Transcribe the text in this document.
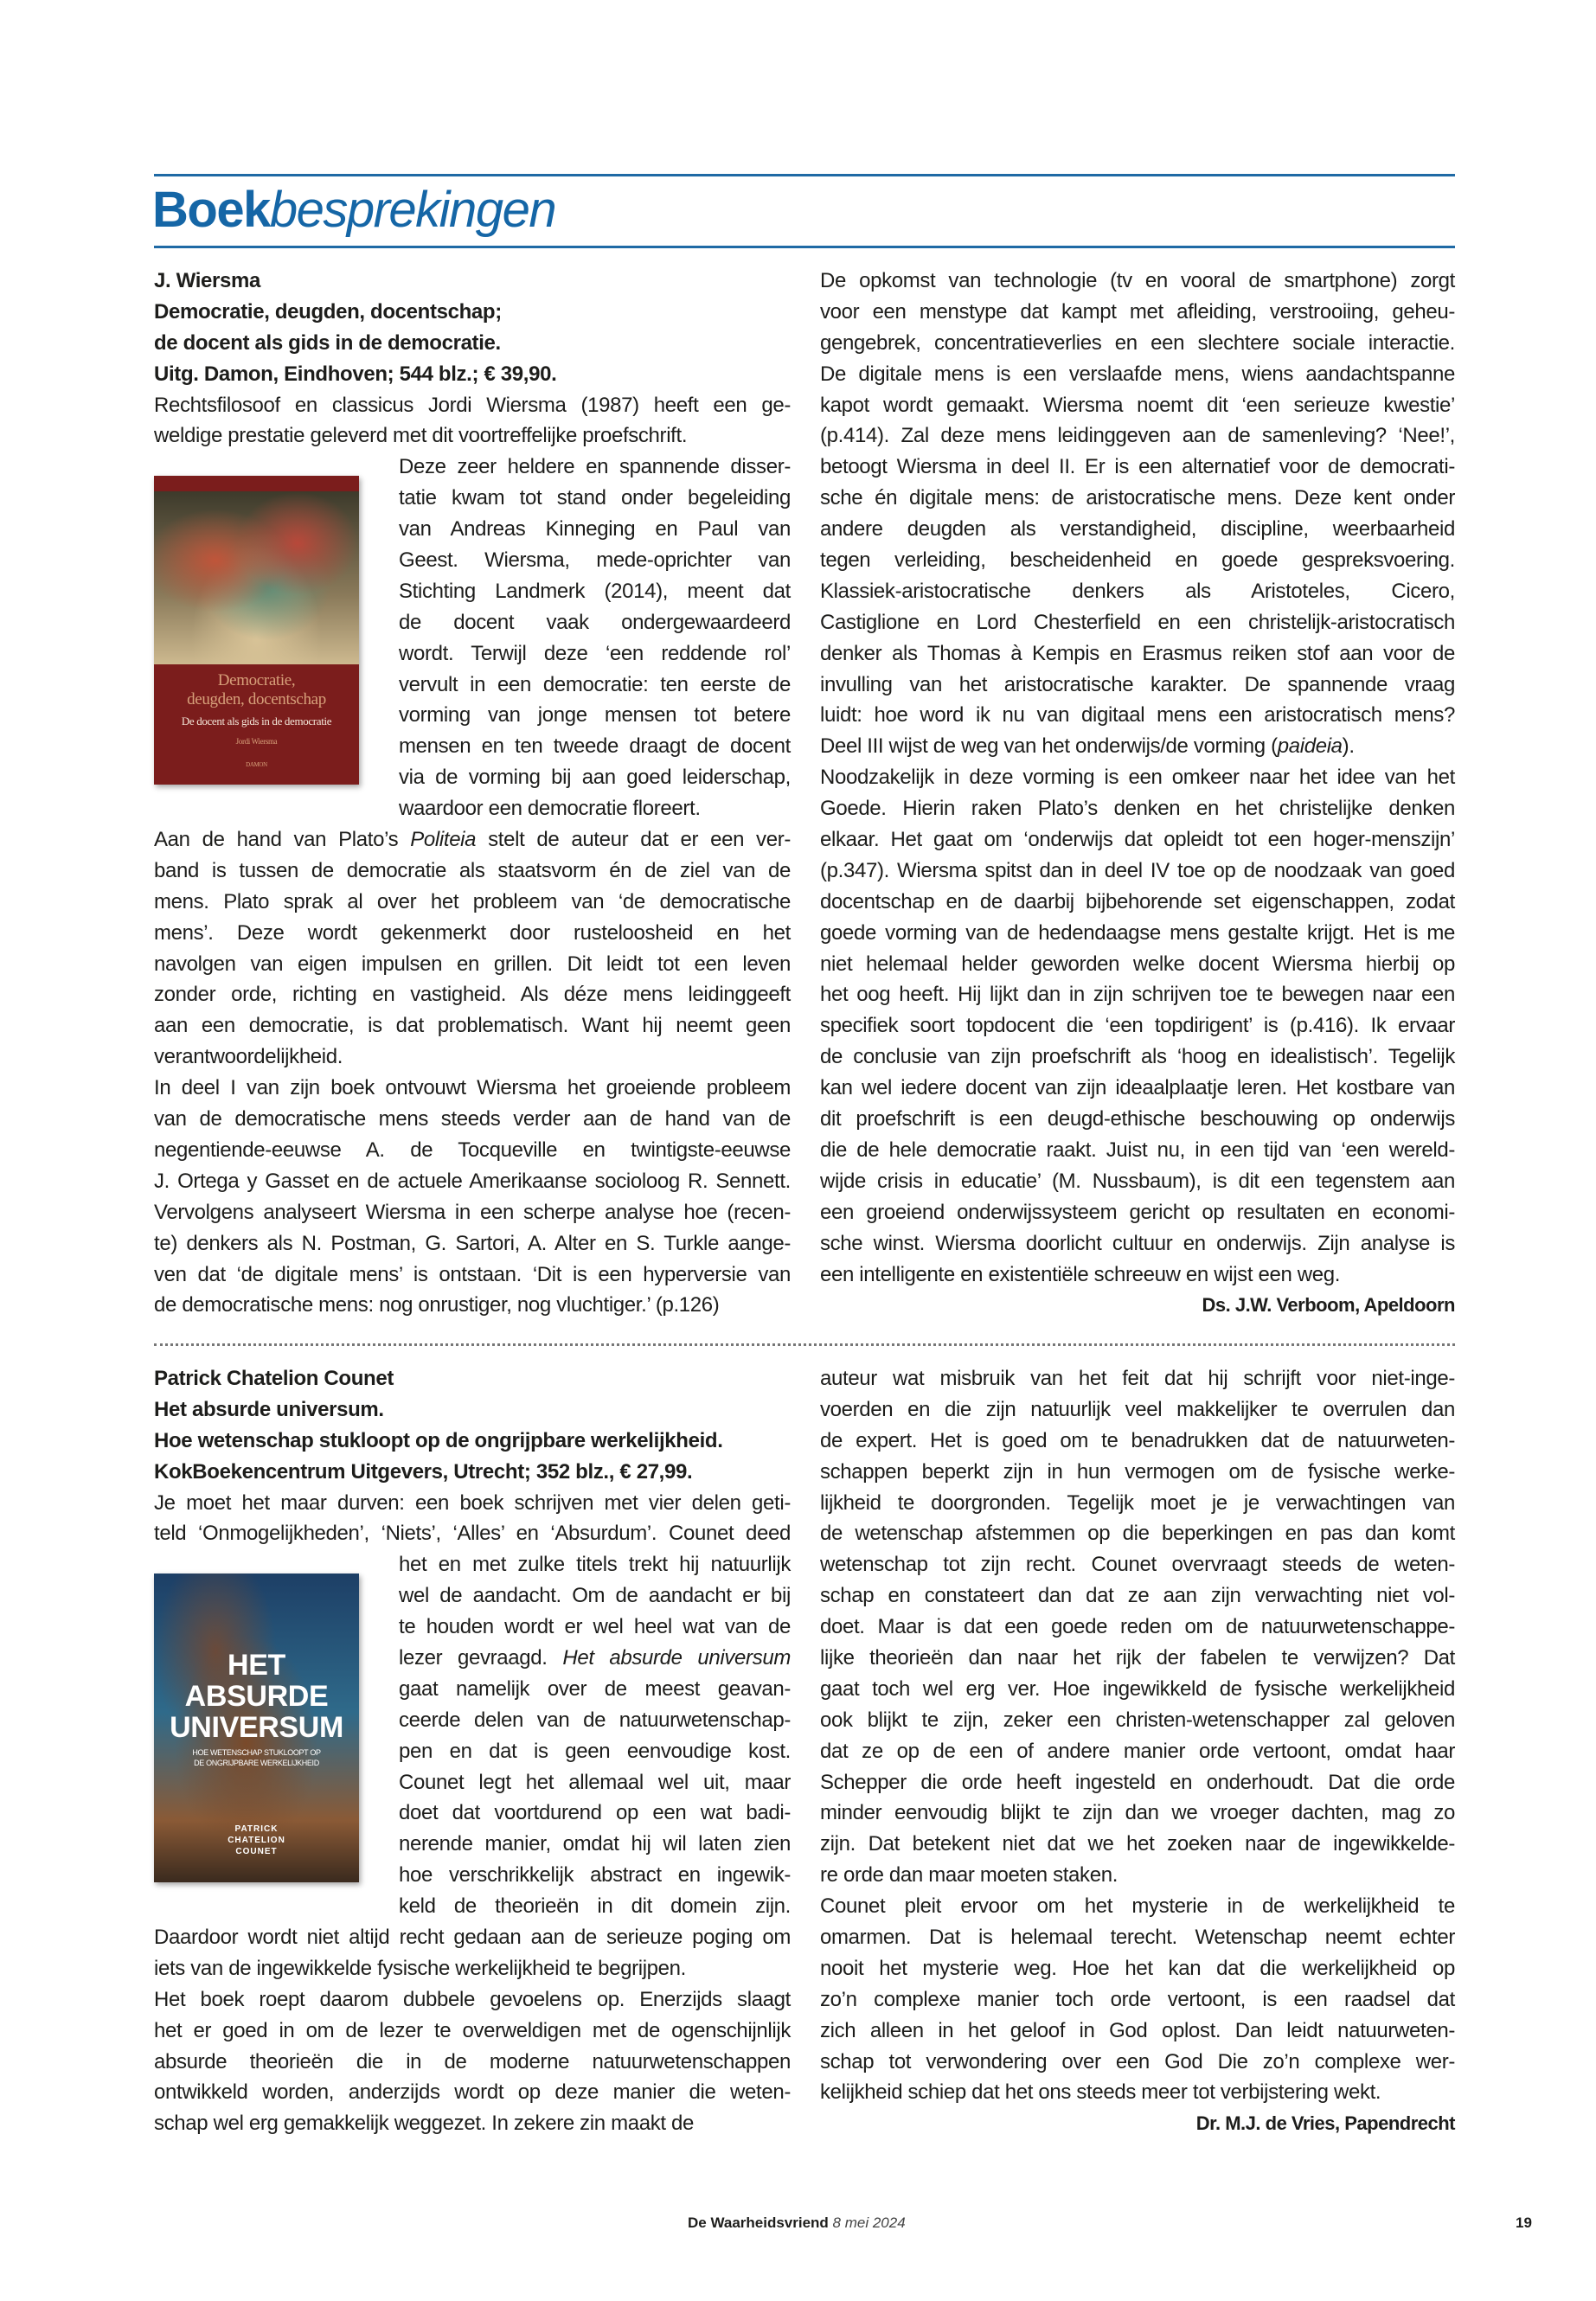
Boekbesprekingen
J. Wiersma
Democratie, deugden, docentschap;
de docent als gids in de democratie.
Uitg. Damon, Eindhoven; 544 blz.; € 39,90.
Rechtsfilosoof en classicus Jordi Wiersma (1987) heeft een ge-
weldige prestatie geleverd met dit voortreffelijke proefschrift.
Democratie,
deugden, docentschap
De docent als gids in de democratie
Jordi Wiersma
DAMON
Deze zeer heldere en spannende disser-
tatie kwam tot stand onder begeleiding
van Andreas Kinneging en Paul van
Geest. Wiersma, mede-oprichter van
Stichting Landmerk (2014), meent dat
de docent vaak ondergewaardeerd
wordt. Terwijl deze ‘een reddende rol’
vervult in een democratie: ten eerste de
vorming van jonge mensen tot betere
mensen en ten tweede draagt de docent
via de vorming bij aan goed leiderschap,
waardoor een democratie floreert.
Aan de hand van Plato’s Politeia stelt de auteur dat er een ver-
band is tussen de democratie als staatsvorm én de ziel van de
mens. Plato sprak al over het probleem van ‘de democratische
mens’. Deze wordt gekenmerkt door rusteloosheid en het
navolgen van eigen impulsen en grillen. Dit leidt tot een leven
zonder orde, richting en vastigheid. Als déze mens leidinggeeft
aan een democratie, is dat problematisch. Want hij neemt geen
verantwoordelijkheid.
In deel I van zijn boek ontvouwt Wiersma het groeiende probleem
van de democratische mens steeds verder aan de hand van de
negentiende-eeuwse A. de Tocqueville en twintigste-eeuwse
J. Ortega y Gasset en de actuele Amerikaanse socioloog R. Sennett.
Vervolgens analyseert Wiersma in een scherpe analyse hoe (recen-
te) denkers als N. Postman, G. Sartori, A. Alter en S. Turkle aange-
ven dat ‘de digitale mens’ is ontstaan. ‘Dit is een hyperversie van
de democratische mens: nog onrustiger, nog vluchtiger.’ (p.126)
De opkomst van technologie (tv en vooral de smartphone) zorgt
voor een menstype dat kampt met afleiding, verstrooiing, geheu-
gengebrek, concentratieverlies en een slechtere sociale interactie.
De digitale mens is een verslaafde mens, wiens aandachtspanne
kapot wordt gemaakt. Wiersma noemt dit ‘een serieuze kwestie’
(p.414). Zal deze mens leidinggeven aan de samenleving? ‘Nee!’,
betoogt Wiersma in deel II. Er is een alternatief voor de democrati-
sche én digitale mens: de aristocratische mens. Deze kent onder
andere deugden als verstandigheid, discipline, weerbaarheid
tegen verleiding, bescheidenheid en goede gespreksvoering.
Klassiek-aristocratische denkers als Aristoteles, Cicero,
Castiglione en Lord Chesterfield en een christelijk-aristocratisch
denker als Thomas à Kempis en Erasmus reiken stof aan voor de
invulling van het aristocratische karakter. De spannende vraag
luidt: hoe word ik nu van digitaal mens een aristocratisch mens?
Deel III wijst de weg van het onderwijs/de vorming (paideia).
Noodzakelijk in deze vorming is een omkeer naar het idee van het
Goede. Hierin raken Plato’s denken en het christelijke denken
elkaar. Het gaat om ‘onderwijs dat opleidt tot een hoger-menszijn’
(p.347). Wiersma spitst dan in deel IV toe op de noodzaak van goed
docentschap en de daarbij bijbehorende set eigenschappen, zodat
goede vorming van de hedendaagse mens gestalte krijgt. Het is me
niet helemaal helder geworden welke docent Wiersma hierbij op
het oog heeft. Hij lijkt dan in zijn schrijven toe te bewegen naar een
specifiek soort topdocent die ‘een topdirigent’ is (p.416). Ik ervaar
de conclusie van zijn proefschrift als ‘hoog en idealistisch’. Tegelijk
kan wel iedere docent van zijn ideaalplaatje leren. Het kostbare van
dit proefschrift is een deugd-ethische beschouwing op onderwijs
die de hele democratie raakt. Juist nu, in een tijd van ‘een wereld-
wijde crisis in educatie’ (M. Nussbaum), is dit een tegenstem aan
een groeiend onderwijssysteem gericht op resultaten en economi-
sche winst. Wiersma doorlicht cultuur en onderwijs. Zijn analyse is
een intelligente en existentiële schreeuw en wijst een weg.
Ds. J.W. Verboom, Apeldoorn
Patrick Chatelion Counet
Het absurde universum.
Hoe wetenschap stukloopt op de ongrijpbare werkelijkheid.
KokBoekencentrum Uitgevers, Utrecht; 352 blz., € 27,99.
Je moet het maar durven: een boek schrijven met vier delen geti-
teld ‘Onmogelijkheden’, ‘Niets’, ‘Alles’ en ‘Absurdum’. Counet deed
HET
ABSURDE
UNIVERSUM
HOE WETENSCHAP STUKLOOPT OP
DE ONGRIJPBARE WERKELIJKHEID
PATRICK
CHATELION
COUNET
het en met zulke titels trekt hij natuurlijk
wel de aandacht. Om de aandacht er bij
te houden wordt er wel heel wat van de
lezer gevraagd. Het absurde universum
gaat namelijk over de meest geavan-
ceerde delen van de natuurwetenschap-
pen en dat is geen eenvoudige kost.
Counet legt het allemaal wel uit, maar
doet dat voortdurend op een wat badi-
nerende manier, omdat hij wil laten zien
hoe verschrikkelijk abstract en ingewik-
keld de theorieën in dit domein zijn.
Daardoor wordt niet altijd recht gedaan aan de serieuze poging om
iets van de ingewikkelde fysische werkelijkheid te begrijpen.
Het boek roept daarom dubbele gevoelens op. Enerzijds slaagt
het er goed in om de lezer te overweldigen met de ogenschijnlijk
absurde theorieën die in de moderne natuurwetenschappen
ontwikkeld worden, anderzijds wordt op deze manier die weten-
schap wel erg gemakkelijk weggezet. In zekere zin maakt de
auteur wat misbruik van het feit dat hij schrijft voor niet-inge-
voerden en die zijn natuurlijk veel makkelijker te overrulen dan
de expert. Het is goed om te benadrukken dat de natuurweten-
schappen beperkt zijn in hun vermogen om de fysische werke-
lijkheid te doorgronden. Tegelijk moet je je verwachtingen van
de wetenschap afstemmen op die beperkingen en pas dan komt
wetenschap tot zijn recht. Counet overvraagt steeds de weten-
schap en constateert dan dat ze aan zijn verwachting niet vol-
doet. Maar is dat een goede reden om de natuurwetenschappe-
lijke theorieën dan naar het rijk der fabelen te verwijzen? Dat
gaat toch wel erg ver. Hoe ingewikkeld de fysische werkelijkheid
ook blijkt te zijn, zeker een christen-wetenschapper zal geloven
dat ze op de een of andere manier orde vertoont, omdat haar
Schepper die orde heeft ingesteld en onderhoudt. Dat die orde
minder eenvoudig blijkt te zijn dan we vroeger dachten, mag zo
zijn. Dat betekent niet dat we het zoeken naar de ingewikkelde-
re orde dan maar moeten staken.
Counet pleit ervoor om het mysterie in de werkelijkheid te
omarmen. Dat is helemaal terecht. Wetenschap neemt echter
nooit het mysterie weg. Hoe het kan dat die werkelijkheid op
zo’n complexe manier toch orde vertoont, is een raadsel dat
zich alleen in het geloof in God oplost. Dan leidt natuurweten-
schap tot verwondering over een God Die zo’n complexe wer-
kelijkheid schiep dat het ons steeds meer tot verbijstering wekt.
Dr. M.J. de Vries, Papendrecht
De Waarheidsvriend 8 mei 2024	19
